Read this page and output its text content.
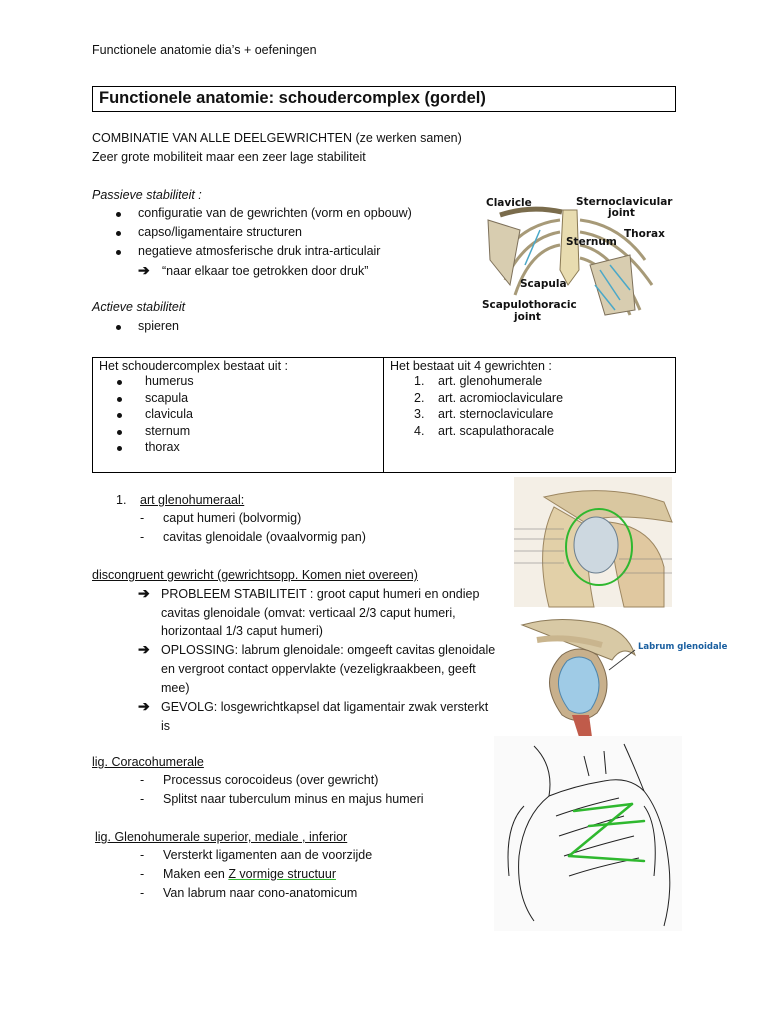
Functionele anatomie dia’s + oefeningen
Functionele anatomie: schoudercomplex (gordel)
COMBINATIE VAN ALLE DEELGEWRICHTEN (ze werken samen)
Zeer grote mobiliteit maar een zeer lage stabiliteit
Passieve stabiliteit :
configuratie van de gewrichten (vorm en opbouw)
capso/ligamentaire structuren
negatieve atmosferische druk intra-articulair
➔ “naar elkaar toe getrokken door druk”
Actieve stabiliteit
spieren
Clavicle	Sternoclavicular
joint
Thorax
Sternum
Scapula
Scapulothoracic
joint
Het schoudercomplex bestaat uit :
humerus
scapula
clavicula
sternum
thorax

Het bestaat uit 4 gewrichten :
1. art. glenohumerale
2. art. acromioclaviculare
3. art. sternoclaviculare
4. art. scapulathoracale
1. art glenohumeraal:
- caput humeri (bolvormig)
- cavitas glenoidale (ovaalvormig pan)
discongruent gewricht (gewrichtsopp. Komen niet overeen)
➔ PROBLEEM STABILITEIT : groot caput humeri en ondiep
cavitas glenoidale (omvat: verticaal 2/3 caput humeri,
horizontaal 1/3 caput humeri)
➔ OPLOSSING: labrum glenoidale: omgeeft cavitas glenoidale
en vergroot contact oppervlakte (vezeligkraakbeen, geeft
mee)
➔ GEVOLG: losgewrichtkapsel dat ligamentair zwak versterkt
is
Labrum glenoidale
lig. Coracohumerale
- Processus corocoideus (over gewricht)
- Splitst naar tuberculum minus en majus humeri
lig. Glenohumerale superior, mediale , inferior
- Versterkt ligamenten aan de voorzijde
- Maken een Z vormige structuur
- Van labrum naar cono-anatomicum
